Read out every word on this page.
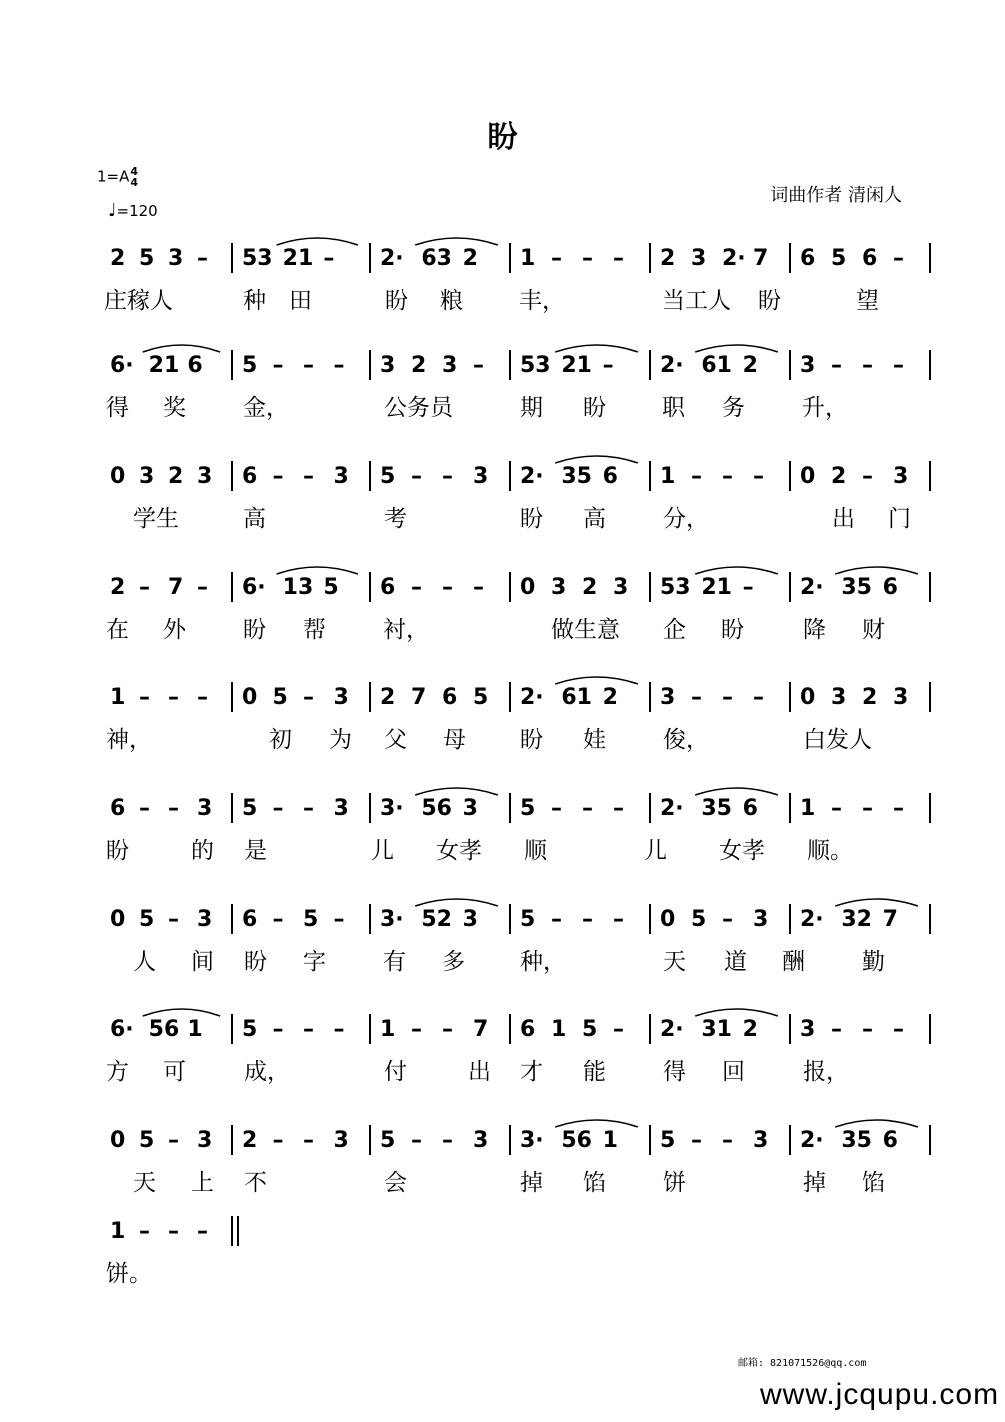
盼
1=A4
4
♩=120
词曲作者 清闲人
2 5 3 – 53 21 – 2· 63 2 1 – – – 2 3 2· 7 6 5 6 –
庄稼人	种 田	盼 粮 丰，	当工人 盼	望
6· 21 6 5 – – – 3 2 3 – 53 21 – 2· 61 2 3 – – –
得 奖 金，	公务员	期 盼 职 务 升，
0 3 2 3 6 – – 3 5 – – 3 2· 35 6 1 – – – 0 2 – 3
学生	高	考	盼 高 分，	出 门
2 – 7 – 6· 13 5 6 – – – 0 3 2 3 53 21 – 2· 35 6
在 外 盼 帮 衬，	做生意 企 盼	降 财
1 – – – 0 5 – 3 2 7 6 5 2· 61 2 3 – – – 0 3 2 3
神，	初 为 父 母 盼 娃 俊，	白发人
6 – – 3 5 – – 3 3· 56 3 5 – – – 2· 35 6 1 – – –
盼	的 是	儿 女孝 顺	儿 女孝 顺。
0 5 – 3 6 – 5 – 3· 52 3 5 – – – 0 5 – 3 2· 32 7
人 间 盼 字 有 多 种，	天 道 酬 勤
6· 56 1 5 – – – 1 – – 7 6 1 5 – 2· 31 2 3 – – –
方 可	成，	付	出 才 能 得 回	报，
0 5 – 3 2 – – 3 5 – – 3 3· 56 1 5 – – 3 2· 35 6
天 上 不	会	掉 馅 饼	掉 馅
1 – – –
饼。
邮箱: 821071526@qq.com
www.jcqupu.com
